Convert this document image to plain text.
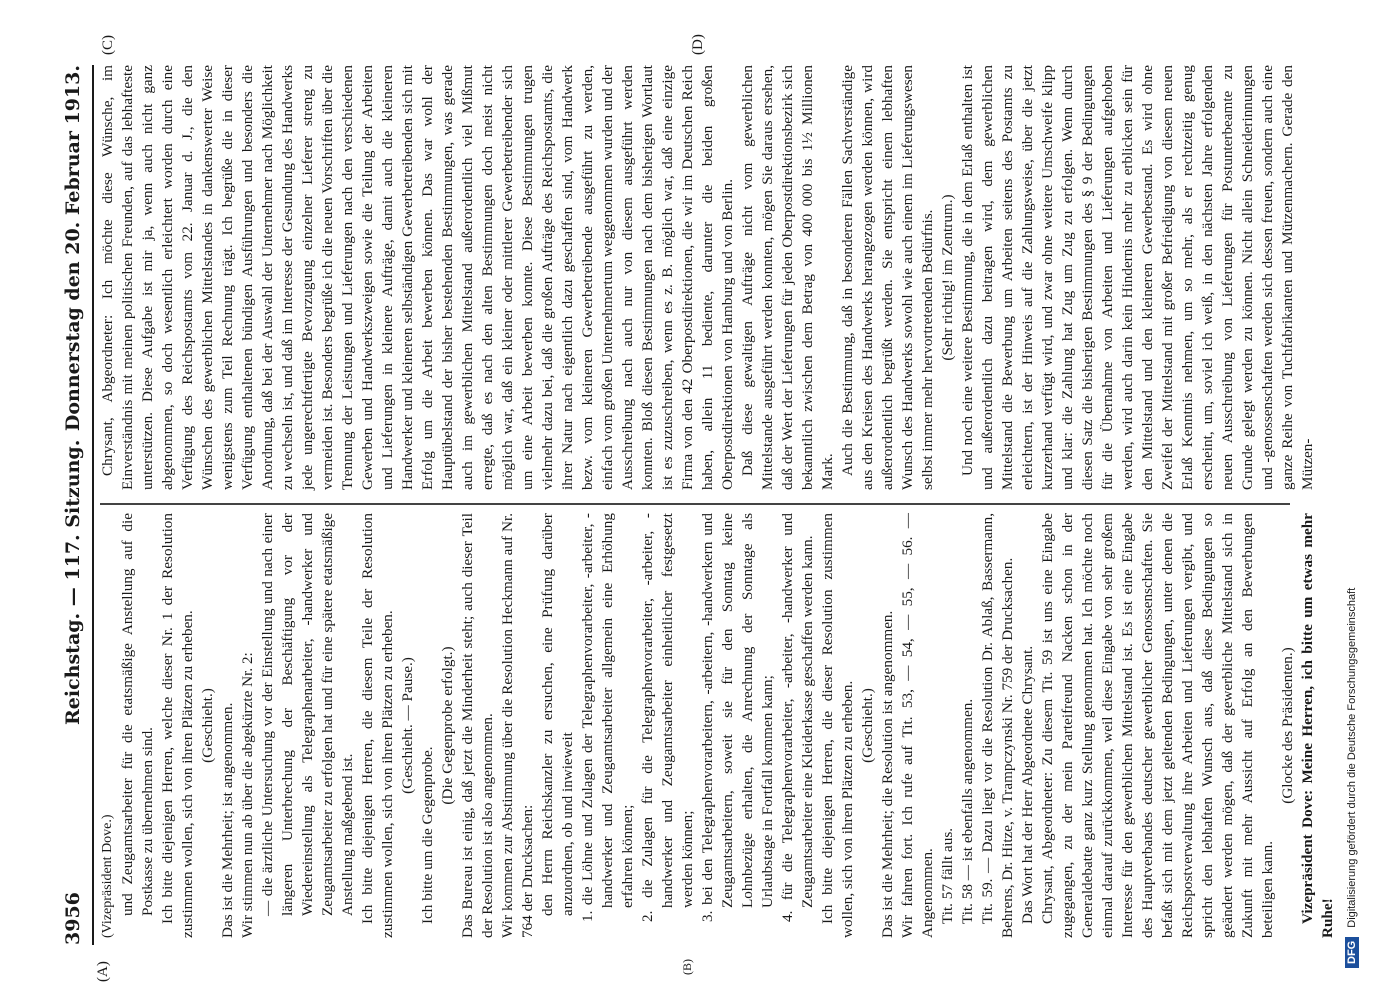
3956
Reichstag. — 117. Sitzung.
Donnerstag den 20. Februar 1913.
(A)	(B)
(C)	(D)

(Vizepräsident Dove.) und Zeugamtsarbeiter für die etatsmäßige Anstellung auf die Postkasse zu übernehmen sind. Ich bitte diejenigen Herren, welche dieser Nr. 1 der Resolution zustimmen wollen, sich von ihren Plätzen zu erheben. (Geschieht.) Das ist die Mehrheit; ist angenommen. Wir stimmen nun ab über die abgekürzte Nr. 2: — die ärztliche Untersuchung vor der Einstellung und nach einer längeren Unterbrechung der Beschäftigung vor der Wiedereinstellung als Telegraphenarbeiter, -handwerker und Zeugamtsarbeiter zu erfolgen hat und für eine spätere etatsmäßige Anstellung maßgebend ist. Ich bitte diejenigen Herren, die diesem Teile der Resolution zustimmen wollen, sich von ihren Plätzen zu erheben. (Geschieht. — Pause.)

Ich bitte um die Gegenprobe.

(Die Gegenprobe erfolgt.) Das Bureau ist einig, daß jetzt die Minderheit steht; auch dieser Teil der Resolution ist also angenommen. Wir kommen zur Abstimmung über die Resolution Heckmann auf Nr. 764 der Drucksachen: den Herrn Reichskanzler zu ersuchen, eine Prüfung darüber anzuordnen, ob und inwieweit 1. die Löhne und Zulagen der Telegraphenvorarbeiter, -arbeiter, -handwerker und Zeugamtsarbeiter allgemein eine Erhöhung erfahren können; 2. die Zulagen für die Telegraphenvorarbeiter, -arbeiter, -handwerker und Zeugamtsarbeiter einheitlicher festgesetzt werden können; 3. bei den Telegraphenvorarbeitern, -arbeitern, -handwerkern und Zeugamtsarbeitern, soweit sie für den Sonntag keine Lohnbezüge erhalten, die Anrechnung der Sonntage als Urlaubstage in Fortfall kommen kann; 4. für die Telegraphenvorarbeiter, -arbeiter, -handwerker und Zeugamtsarbeiter eine Kleiderkasse geschaffen werden kann. Ich bitte diejenigen Herren, die dieser Resolution zustimmen wollen, sich von ihren Plätzen zu erheben. (Geschieht.) Das ist die Mehrheit; die Resolution ist angenommen. Wir fahren fort. Ich rufe auf Tit. 53, — 54, — 55, — 56. — Angenommen. Tit. 57 fällt aus. Tit. 58 — ist ebenfalls angenommen. Tit. 59. — Dazu liegt vor die Resolution Dr. Ablaß, Bassermann, Behrens, Dr. Hitze, v. Trampczynski Nr. 759 der Drucksachen. Das Wort hat der Herr Abgeordnete Chrysant. Chrysant, Abgeordneter: Zu diesem Tit. 59 ist uns eine Eingabe zugegangen, zu der mein Parteifreund Nacken schon in der Generaldebatte ganz kurz Stellung genommen hat. Ich möchte noch einmal darauf zurückkommen, weil diese Eingabe von sehr großem Interesse für den gewerblichen Mittelstand ist. Es ist eine Eingabe des Hauptverbandes deutscher gewerblicher Genossenschaften. Sie befaßt sich mit dem jetzt geltenden Bedingungen, unter denen die Reichspostverwaltung ihre Arbeiten und Lieferungen vergibt, und spricht den lebhaften Wunsch aus, daß diese Bedingungen so geändert werden mögen, daß der gewerbliche Mittelstand sich in Zukunft mit mehr Aussicht auf Erfolg an den Bewerbungen beteiligen kann.

(Glocke des Präsidenten.) Vizepräsident Dove: Meine Herren, ich bitte um etwas mehr Ruhe!

Chrysant, Abgeordneter: Ich möchte diese Wünsche, im Einverständnis mit meinen politischen Freunden, auf das lebhafteste unterstützen. Diese Aufgabe ist mir ja, wenn auch nicht ganz abgenommen, so doch wesentlich erleichtert worden durch eine Verfügung des Reichspostamts vom 22. Januar d. J., die den Wünschen des gewerblichen Mittelstandes in dankenswerter Weise wenigstens zum Teil Rechnung trägt. Ich begrüße die in dieser Verfügung enthaltenen bündigen Ausführungen und besonders die Anordnung, daß bei der Auswahl der Unternehmer nach Möglichkeit zu wechseln ist, und daß im Interesse der Gesundung des Handwerks jede ungerechtfertigte Bevorzugung einzelner Lieferer streng zu vermeiden ist. Besonders begrüße ich die neuen Vorschriften über die Trennung der Leistungen und Lieferungen nach den verschiedenen Gewerben und Handwerkszweigen sowie die Teilung der Arbeiten und Lieferungen in kleinere Aufträge, damit auch die kleineren Handwerker und kleineren selbständigen Gewerbetreibenden sich mit Erfolg um die Arbeit bewerben können. Das war wohl der Hauptübelstand der bisher bestehenden Bestimmungen, was gerade auch im gewerblichen Mittelstand außerordentlich viel Mißmut erregte, daß es nach den alten Bestimmungen doch meist nicht möglich war, daß ein kleiner oder mittlerer Gewerbetreibender sich um eine Arbeit bewerben konnte. Diese Bestimmungen trugen vielmehr dazu bei, daß die großen Aufträge des Reichspostamts, die ihrer Natur nach eigentlich dazu geschaffen sind, vom Handwerk bezw. vom kleineren Gewerbetreibende ausgeführt zu werden, einfach vom großen Unternehmertum weggenommen wurden und der Ausschreibung nach auch nur von diesem ausgeführt werden konnten. Bloß diesen Bestimmungen nach dem bisherigen Wortlaut ist es zuzuschreiben, wenn es z. B. möglich war, daß eine einzige Firma von den 42 Oberpostdirektionen, die wir im Deutschen Reich haben, allein 11 bediente, darunter die beiden großen Oberpostdirektionen von Hamburg und von Berlin. Daß diese gewaltigen Aufträge nicht vom gewerblichen Mittelstande ausgeführt werden konnten, mögen Sie daraus ersehen, daß der Wert der Lieferungen für jeden Oberpostdirektionsbezirk sich bekanntlich zwischen dem Betrag von 400 000 bis 1½ Millionen Mark. Auch die Bestimmung, daß in besonderen Fällen Sachverständige aus den Kreisen des Handwerks herangezogen werden können, wird außerordentlich begrüßt werden. Sie entspricht einem lebhaften Wunsch des Handwerks sowohl wie auch einem im Lieferungswesen selbst immer mehr hervortretenden Bedürfnis. (Sehr richtig! im Zentrum.) Und noch eine weitere Bestimmung, die in dem Erlaß enthalten ist und außerordentlich dazu beitragen wird, dem gewerblichen Mittelstand die Bewerbung um Arbeiten seitens des Postamts zu erleichtern, ist der Hinweis auf die Zahlungsweise, über die jetzt kurzerhand verfügt wird, und zwar ohne weitere Umschweife klipp und klar: die Zahlung hat Zug um Zug zu erfolgen. Wenn durch diesen Satz die bisherigen Bestimmungen des § 9 der Bedingungen für die Übernahme von Arbeiten und Lieferungen aufgehoben werden, wird auch darin kein Hindernis mehr zu erblicken sein für den Mittelstand und den kleineren Gewerbestand. Es wird ohne Zweifel der Mittelstand mit großer Befriedigung von diesem neuen Erlaß Kenntnis nehmen, um so mehr, als er rechtzeitig genug erscheint, um, soviel ich weiß, in den nächsten Jahre erfolgenden neuen Ausschreibung von Lieferungen für Postunterbeamte zu Grunde gelegt werden zu können. Nicht allein Schneiderinnungen und -genossenschaften werden sich dessen freuen, sondern auch eine ganze Reihe von Tuchfabrikanten und Mützenmachern. Gerade den Mützen-

DFG Digitalisierung gefördert durch die Deutsche Forschungsgemeinschaft
